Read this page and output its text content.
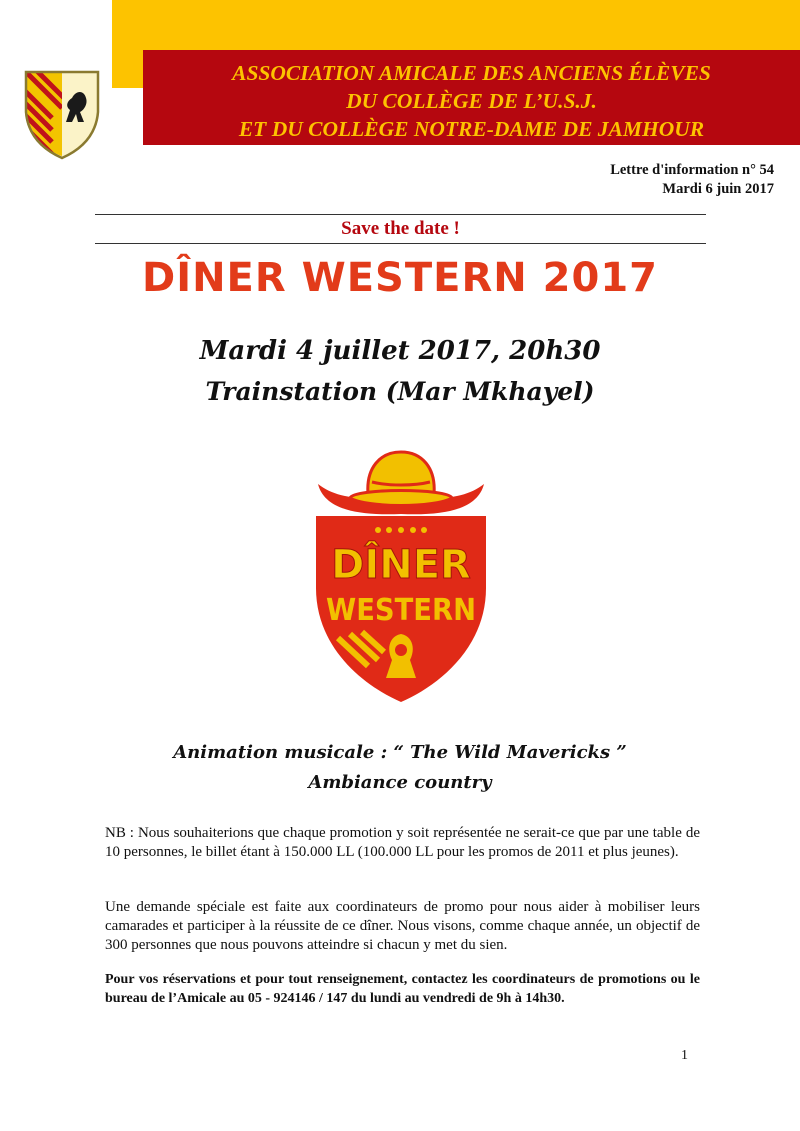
ASSOCIATION AMICALE DES ANCIENS ÉLÈVES
DU COLLÈGE DE L’U.S.J.
ET DU COLLÈGE NOTRE-DAME DE JAMHOUR
Lettre d'information n° 54
Mardi 6 juin 2017
Save the date !
DÎNER WESTERN 2017
Mardi 4 juillet 2017, 20h30
Trainstation (Mar Mkhayel)
DÎNER
WESTERN
Animation musicale : “ The Wild Mavericks ”
Ambiance country
NB : Nous souhaiterions que chaque promotion y soit représentée ne serait-ce que par une table de 10 personnes, le billet étant à 150.000 LL (100.000 LL pour les promos de 2011 et plus jeunes).
Une demande spéciale est faite aux coordinateurs de promo pour nous aider à mobiliser leurs camarades et participer à la réussite de ce dîner. Nous visons, comme chaque année, un objectif de 300 personnes que nous pouvons atteindre si chacun y met du sien.
Pour vos réservations et pour tout renseignement, contactez les coordinateurs de promotions ou le bureau de l’Amicale au 05 - 924146 / 147 du lundi au vendredi de 9h à 14h30.
1
